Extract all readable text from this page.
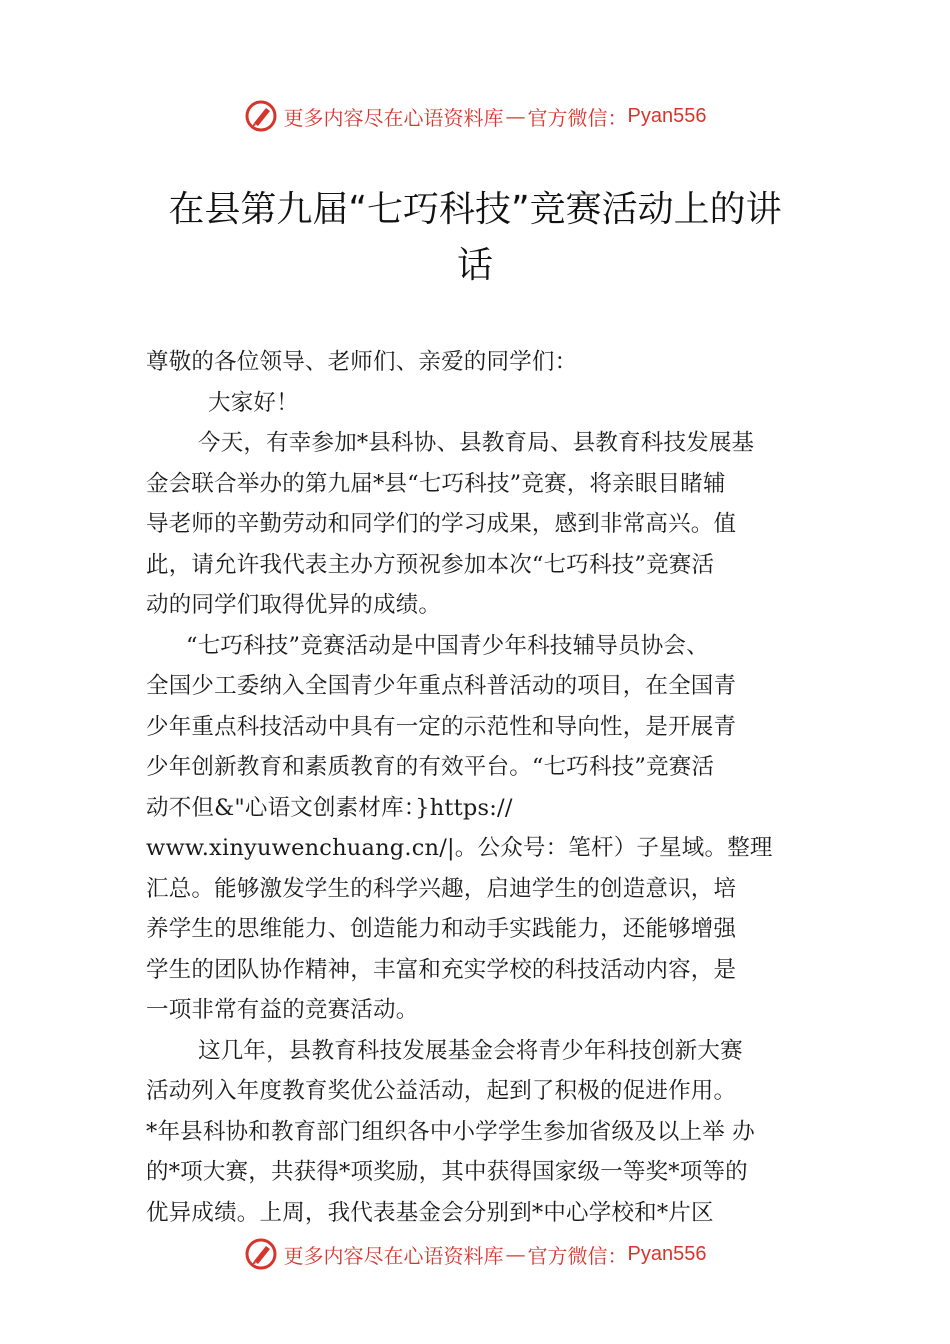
更多内容尽在心语资料库 — 官方微信： Pyan556
在县第九届“七巧科技”竞赛活动上的讲
话
尊敬的各位领导、老师们、亲爱的同学们：
大家好！
今天，有幸参加*县科协、县教育局、县教育科技发展基
金会联合举办的第九届*县“七巧科技”竞赛，将亲眼目睹辅
导老师的辛勤劳动和同学们的学习成果，感到非常高兴。值
此，请允许我代表主办方预祝参加本次“七巧科技”竞赛活
动的同学们取得优异的成绩。
“七巧科技”竞赛活动是中国青少年科技辅导员协会、
全国少工委纳入全国青少年重点科普活动的项目，在全国青
少年重点科技活动中具有一定的示范性和导向性，是开展青
少年创新教育和素质教育的有效平台。“七巧科技”竞赛活
动不但&"心语文创素材库：}https://
www.xinyuwenchuang.cn/|。公众号：笔杆）子星域。整理
汇总。能够激发学生的科学兴趣，启迪学生的创造意识，培
养学生的思维能力、创造能力和动手实践能力，还能够增强
学生的团队协作精神，丰富和充实学校的科技活动内容，是
一项非常有益的竞赛活动。
这几年，县教育科技发展基金会将青少年科技创新大赛
活动列入年度教育奖优公益活动，起到了积极的促进作用。
*年县科协和教育部门组织各中小学学生参加省级及以上举 办
的*项大赛，共获得*项奖励，其中获得国家级一等奖*项等的
优异成绩。上周，我代表基金会分别到*中心学校和*片区
更多内容尽在心语资料库 — 官方微信： Pyan556
